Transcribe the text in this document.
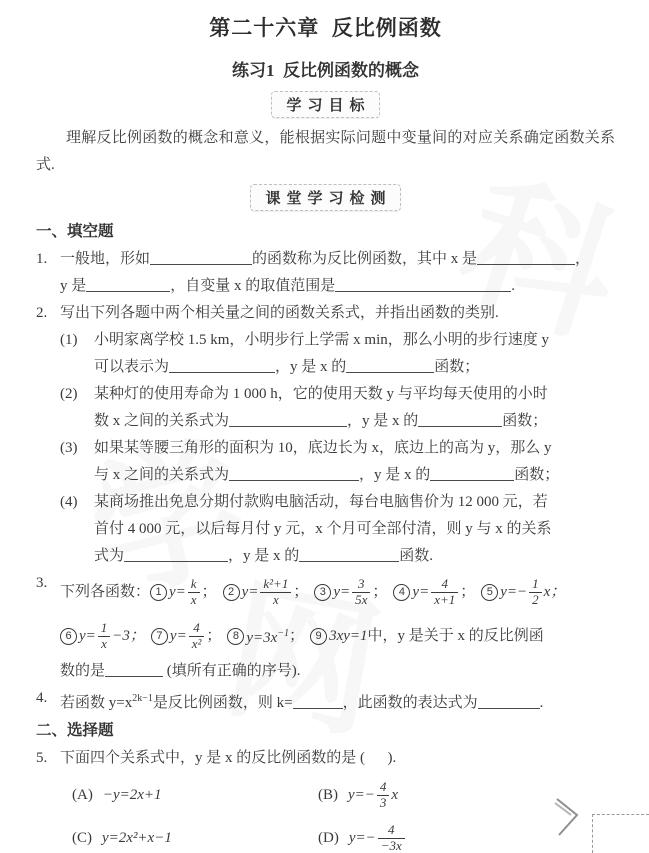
第二十六章  反比例函数
练习1  反比例函数的概念
学习目标

理解反比例函数的概念和意义，能根据实际问题中变量间的对应关系确定函数关系式.

课堂学习检测
一、填空题
1. 一般地，形如	的函数称为反比例函数，其中 x 是	，
y 是	，自变量 x 的取值范围是	.
2. 写出下列各题中两个相关量之间的函数关系式，并指出函数的类别.
(1)	小明家离学校 1.5 km，小明步行上学需 x min，那么小明的步行速度 y
可以表示为	，y 是 x 的	函数；
(2)	某种灯的使用寿命为 1 000 h，它的使用天数 y 与平均每天使用的小时
数 x 之间的关系式为	，y 是 x 的	函数；
(3)	如果某等腰三角形的面积为 10，底边长为 x，底边上的高为 y，那么 y
与 x 之间的关系式为	，y 是 x 的	函数；
(4)	某商场推出免息分期付款购电脑活动，每台电脑售价为 12 000 元，若
首付 4 000 元，以后每月付 y 元，x 个月可全部付清，则 y 与 x 的关系
式为	，y 是 x 的	函数.
3.
下列各函数： 1 $y= \frac{k}{x}$ ；	2 $y= \frac{\text{k²+1}}{x}$ ；	3 $y= \frac{3}{5x}$ ；	4 $y= \frac{4}{x+1}$ ；	5 $y=- \frac{1}{2}$ x；
6 $y= \frac{1}{x} -3$；	7 $y= \frac{4}{\text{x²}}$ ；	8 $y=3x^{-1}$ ；	9 3xy=1 中，y 是关于 x 的反比例函
数的是	(填所有正确的序号).
4. 若函数 $y=x^{2k-1}$是反比例函数，则 k=	，此函数的表达式为	.
二、选择题
5. 下面四个关系式中，y 是 x 的反比例函数的是 (      ).
(A) −y=2x+1	(B) $y=- \frac{4}{3}$ x
(C) y=2x²+x−1	(D) $y=- \frac{4}{-3x}$
